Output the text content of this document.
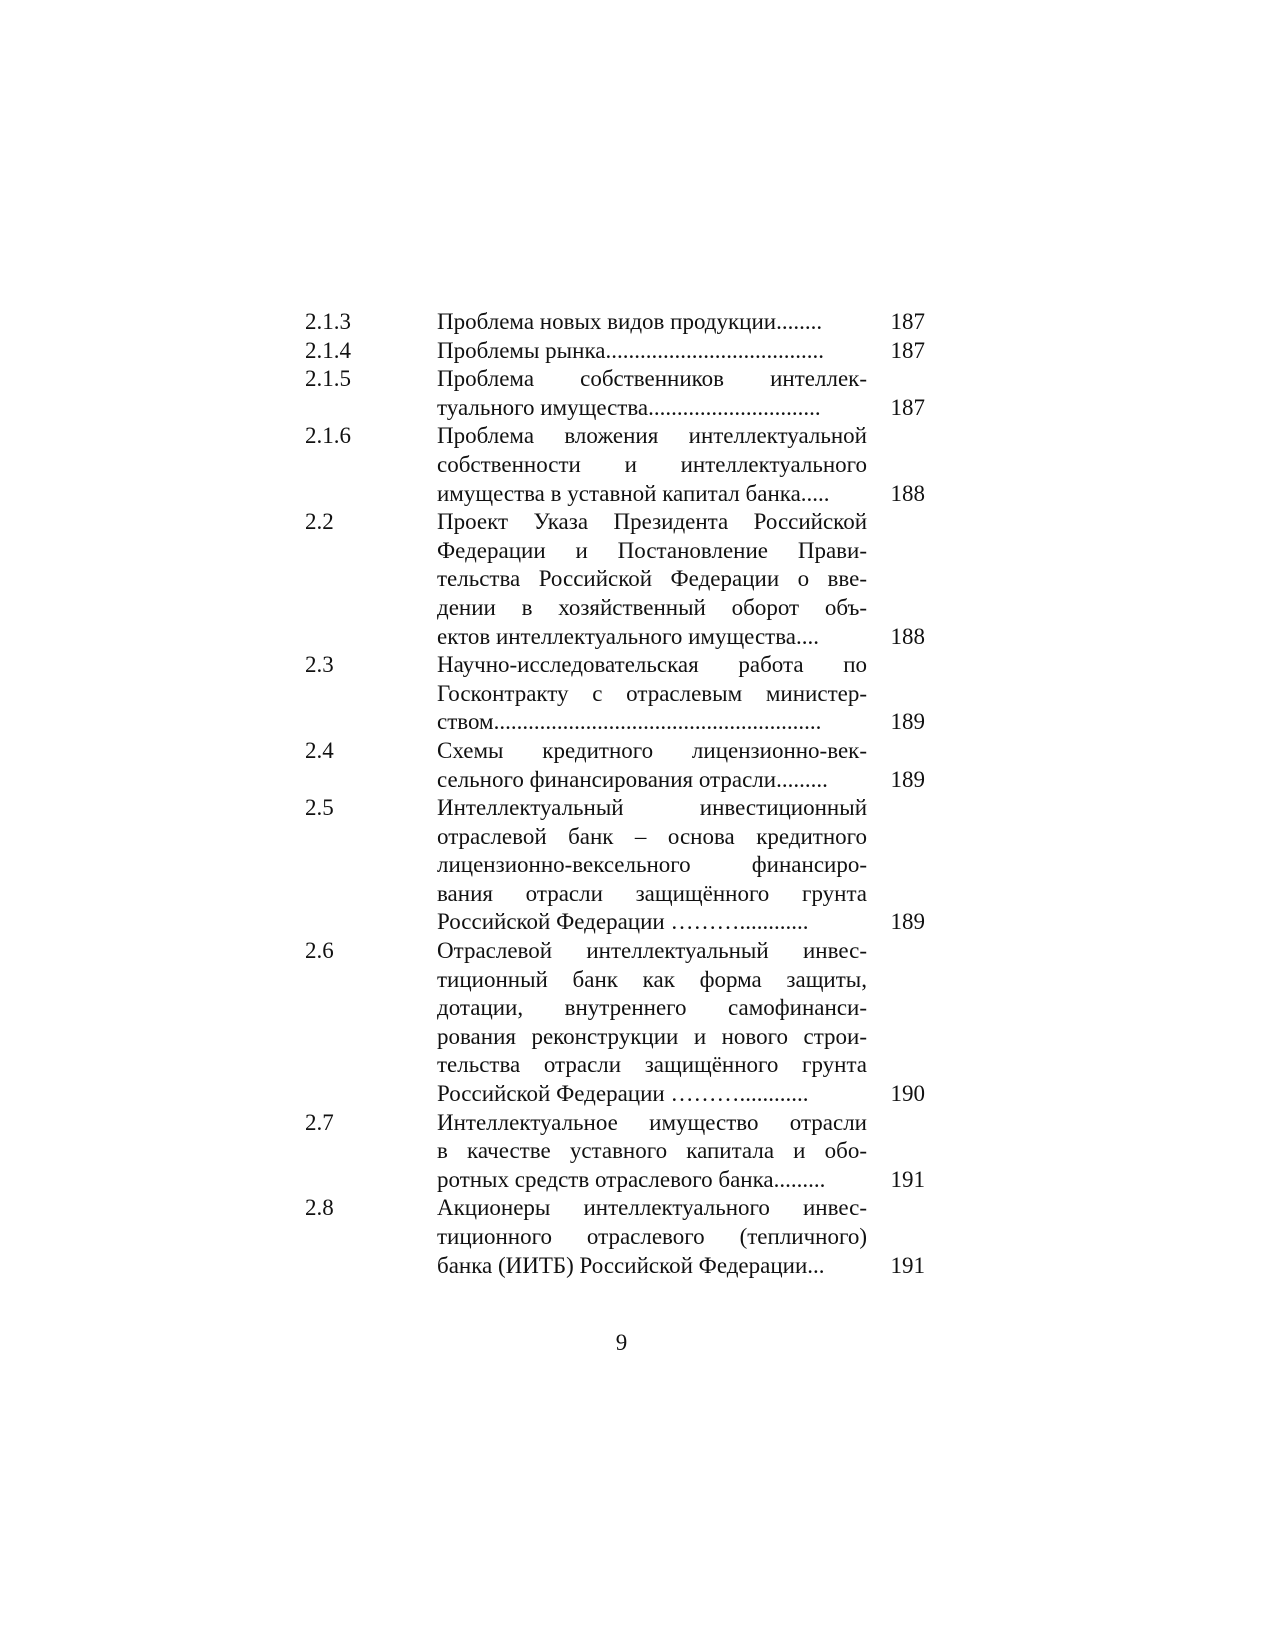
2.1.3	Проблема новых видов продукции........	187
2.1.4	Проблемы рынка......................................	187
2.1.5	Проблема собственников интеллек-
туального имущества..............................	187
2.1.6	Проблема вложения интеллектуальной
собственности и интеллектуального
имущества в уставной капитал банка.....	188
2.2	Проект Указа Президента Российской
Федерации и Постановление Прави-
тельства Российской Федерации о вве-
дении в хозяйственный оборот объ-
ектов интеллектуального имущества....	188
2.3	Научно-исследовательская работа по
Госконтракту с отраслевым министер-
ством.........................................................	189
2.4	Схемы кредитного лицензионно-век-
сельного финансирования отрасли.........	189
2.5	Интеллектуальный инвестиционный
отраслевой банк – основа кредитного
лицензионно-вексельного финансиро-
вания отрасли защищённого грунта
Российской Федерации ………............	189
2.6	Отраслевой интеллектуальный инвес-
тиционный банк как форма защиты,
дотации, внутреннего самофинанси-
рования реконструкции и нового строи-
тельства отрасли защищённого грунта
Российской Федерации ………............	190
2.7	Интеллектуальное имущество отрасли
в качестве уставного капитала и обо-
ротных средств отраслевого банка.........	191
2.8	Акционеры интеллектуального инвес-
тиционного отраслевого (тепличного)
банка (ИИТБ) Российской Федерации...	191
9
